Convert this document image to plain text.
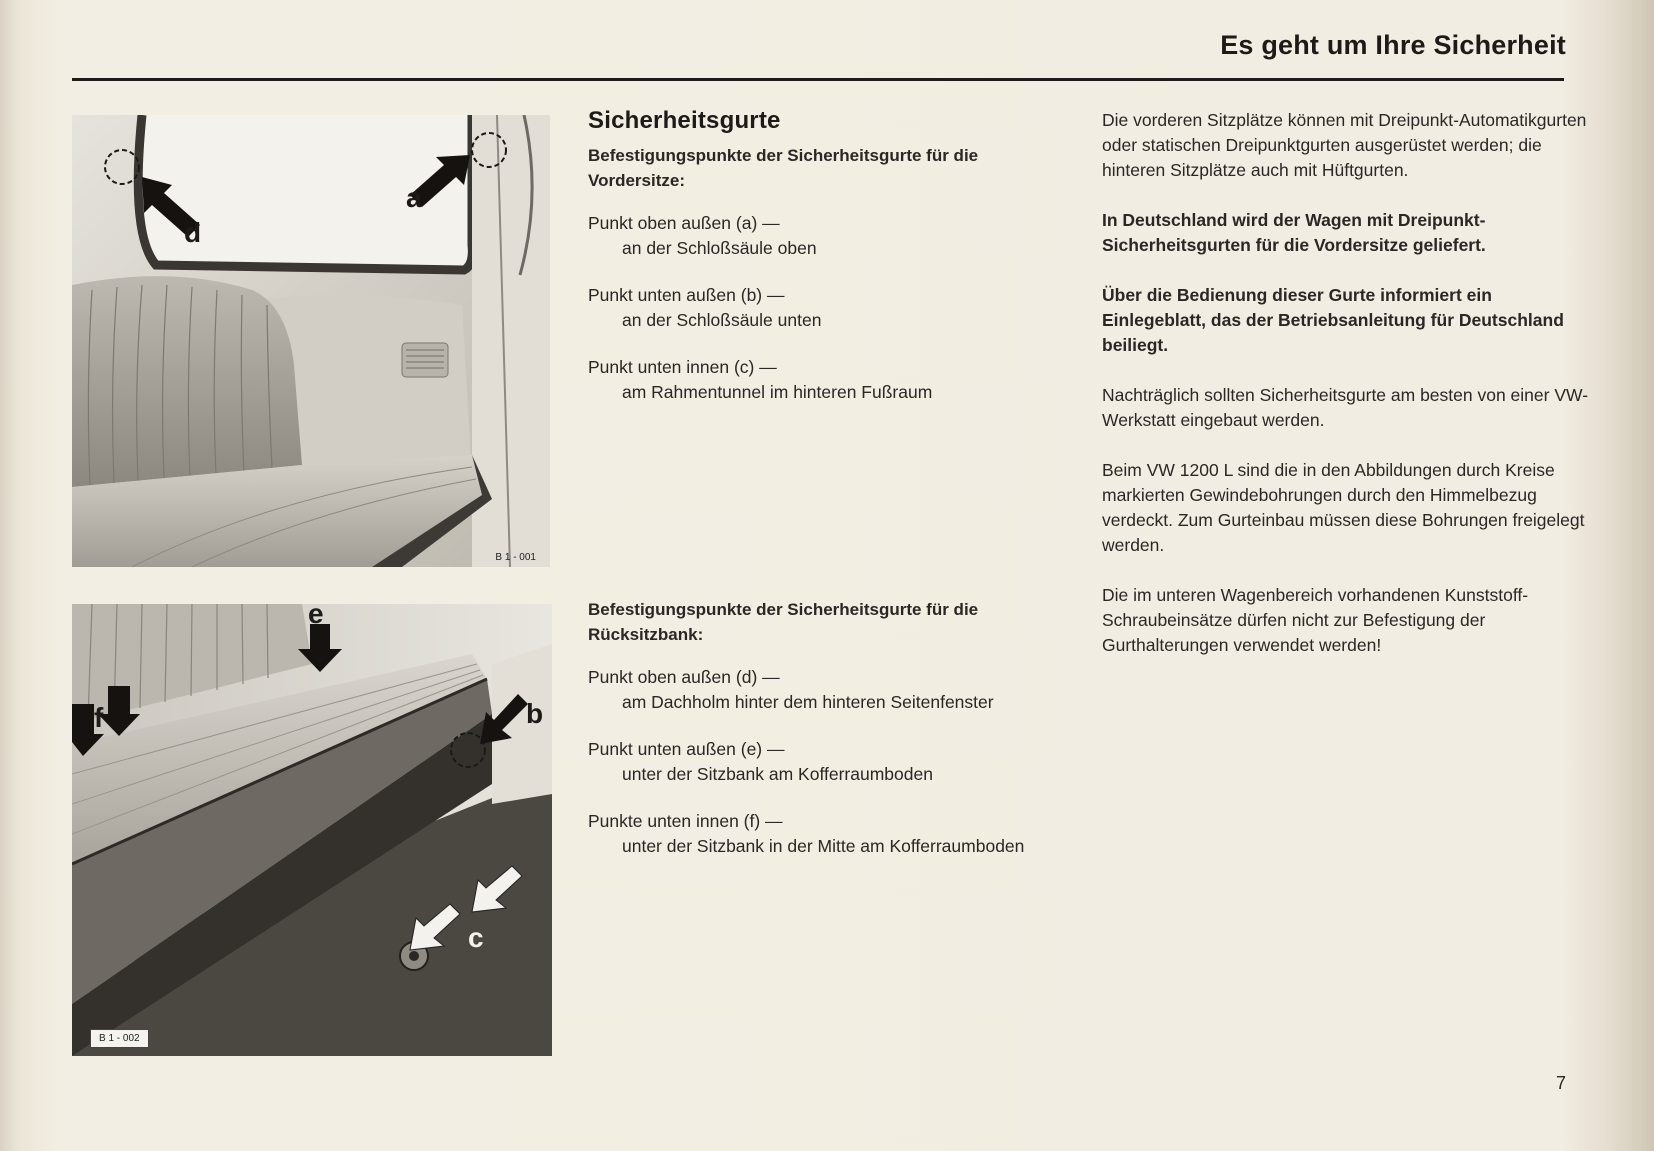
Es geht um Ihre Sicherheit
d
a
B 1 - 001
e
f	b
c
B 1 - 002
Sicherheitsgurte
Befestigungspunkte der Sicherheitsgurte für die Vordersitze:
Punkt oben außen (a) —
an der Schloßsäule oben
Punkt unten außen (b) —
an der Schloßsäule unten
Punkt unten innen (c) —
am Rahmentunnel im hinteren Fußraum
Befestigungspunkte der Sicherheitsgurte für die Rücksitzbank:
Punkt oben außen (d) —
am Dachholm hinter dem hinteren Seitenfenster
Punkt unten außen (e) —
unter der Sitzbank am Kofferraumboden
Punkte unten innen (f) —
unter der Sitzbank in der Mitte am Kofferraumboden
Die vorderen Sitzplätze können mit Dreipunkt-Automatikgurten oder statischen Dreipunktgurten ausgerüstet werden; die hinteren Sitzplätze auch mit Hüftgurten.
In Deutschland wird der Wagen mit Dreipunkt-Sicherheitsgurten für die Vordersitze geliefert.
Über die Bedienung dieser Gurte informiert ein Einlegeblatt, das der Betriebsanleitung für Deutschland beiliegt.
Nachträglich sollten Sicherheitsgurte am besten von einer VW-Werkstatt eingebaut werden.
Beim VW 1200 L sind die in den Abbildungen durch Kreise markierten Gewindebohrungen durch den Himmelbezug verdeckt. Zum Gurteinbau müssen diese Bohrungen freigelegt werden.
Die im unteren Wagenbereich vorhandenen Kunststoff-Schraubeinsätze dürfen nicht zur Befestigung der Gurthalterungen verwendet werden!
7
